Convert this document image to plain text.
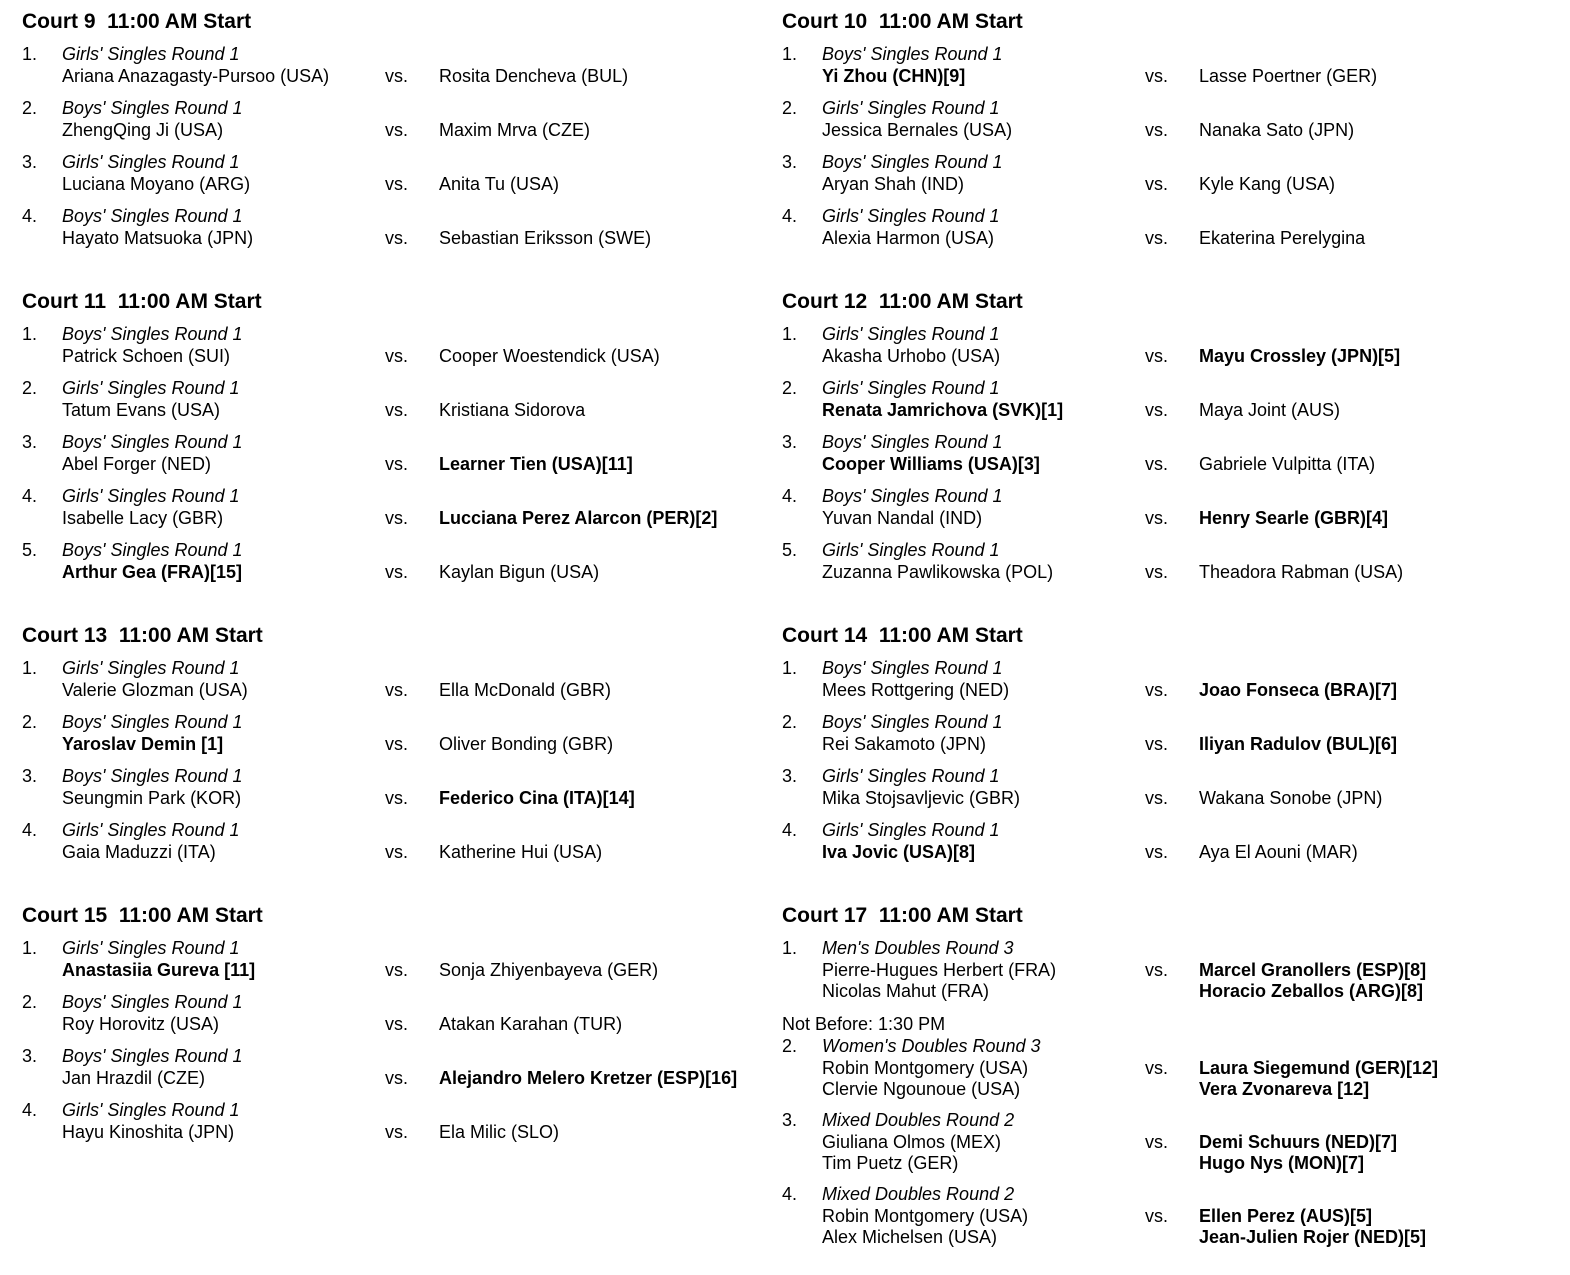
Court 9  11:00 AM Start
1. Girls' Singles Round 1
Ariana Anazagasty-Pursoo (USA)	vs. Rosita Dencheva (BUL)
2. Boys' Singles Round 1
ZhengQing Ji (USA)	vs. Maxim Mrva (CZE)
3. Girls' Singles Round 1
Luciana Moyano (ARG)	vs. Anita Tu (USA)
4. Boys' Singles Round 1
Hayato Matsuoka (JPN)	vs. Sebastian Eriksson (SWE)
Court 10  11:00 AM Start
1. Boys' Singles Round 1
Yi Zhou (CHN)[9]	vs. Lasse Poertner (GER)
2. Girls' Singles Round 1
Jessica Bernales (USA)	vs. Nanaka Sato (JPN)
3. Boys' Singles Round 1
Aryan Shah (IND)	vs. Kyle Kang (USA)
4. Girls' Singles Round 1
Alexia Harmon (USA)	vs. Ekaterina Perelygina
Court 11  11:00 AM Start
1. Boys' Singles Round 1
Patrick Schoen (SUI)	vs. Cooper Woestendick (USA)
2. Girls' Singles Round 1
Tatum Evans (USA)	vs. Kristiana Sidorova
3. Boys' Singles Round 1
Abel Forger (NED)	vs. Learner Tien (USA)[11]
4. Girls' Singles Round 1
Isabelle Lacy (GBR)	vs. Lucciana Perez Alarcon (PER)[2]
5. Boys' Singles Round 1
Arthur Gea (FRA)[15]	vs. Kaylan Bigun (USA)
Court 12  11:00 AM Start
1. Girls' Singles Round 1
Akasha Urhobo (USA)	vs. Mayu Crossley (JPN)[5]
2. Girls' Singles Round 1
Renata Jamrichova (SVK)[1]	vs. Maya Joint (AUS)
3. Boys' Singles Round 1
Cooper Williams (USA)[3]	vs. Gabriele Vulpitta (ITA)
4. Boys' Singles Round 1
Yuvan Nandal (IND)	vs. Henry Searle (GBR)[4]
5. Girls' Singles Round 1
Zuzanna Pawlikowska (POL)	vs. Theadora Rabman (USA)
Court 13  11:00 AM Start
1. Girls' Singles Round 1
Valerie Glozman (USA)	vs. Ella McDonald (GBR)
2. Boys' Singles Round 1
Yaroslav Demin [1]	vs. Oliver Bonding (GBR)
3. Boys' Singles Round 1
Seungmin Park (KOR)	vs. Federico Cina (ITA)[14]
4. Girls' Singles Round 1
Gaia Maduzzi (ITA)	vs. Katherine Hui (USA)
Court 14  11:00 AM Start
1. Boys' Singles Round 1
Mees Rottgering (NED)	vs. Joao Fonseca (BRA)[7]
2. Boys' Singles Round 1
Rei Sakamoto (JPN)	vs. Iliyan Radulov (BUL)[6]
3. Girls' Singles Round 1
Mika Stojsavljevic (GBR)	vs. Wakana Sonobe (JPN)
4. Girls' Singles Round 1
Iva Jovic (USA)[8]	vs. Aya El Aouni (MAR)
Court 15  11:00 AM Start
1. Girls' Singles Round 1
Anastasiia Gureva [11]	vs. Sonja Zhiyenbayeva (GER)
2. Boys' Singles Round 1
Roy Horovitz (USA)	vs. Atakan Karahan (TUR)
3. Boys' Singles Round 1
Jan Hrazdil (CZE)	vs. Alejandro Melero Kretzer (ESP)[16]
4. Girls' Singles Round 1
Hayu Kinoshita (JPN)	vs. Ela Milic (SLO)
Court 17  11:00 AM Start
Not Before: 1:30 PM
1. Men's Doubles Round 3
Pierre-Hugues Herbert (FRA)
Nicolas Mahut (FRA)
vs. Marcel Granollers (ESP)[8]
Horacio Zeballos (ARG)[8]
2. Women's Doubles Round 3
Robin Montgomery (USA)
Clervie Ngounoue (USA)
vs. Laura Siegemund (GER)[12]
Vera Zvonareva [12]
3. Mixed Doubles Round 2
Giuliana Olmos (MEX)
Tim Puetz (GER)
vs. Demi Schuurs (NED)[7]
Hugo Nys (MON)[7]
4. Mixed Doubles Round 2
Robin Montgomery (USA)
Alex Michelsen (USA)
vs. Ellen Perez (AUS)[5]
Jean-Julien Rojer (NED)[5]
